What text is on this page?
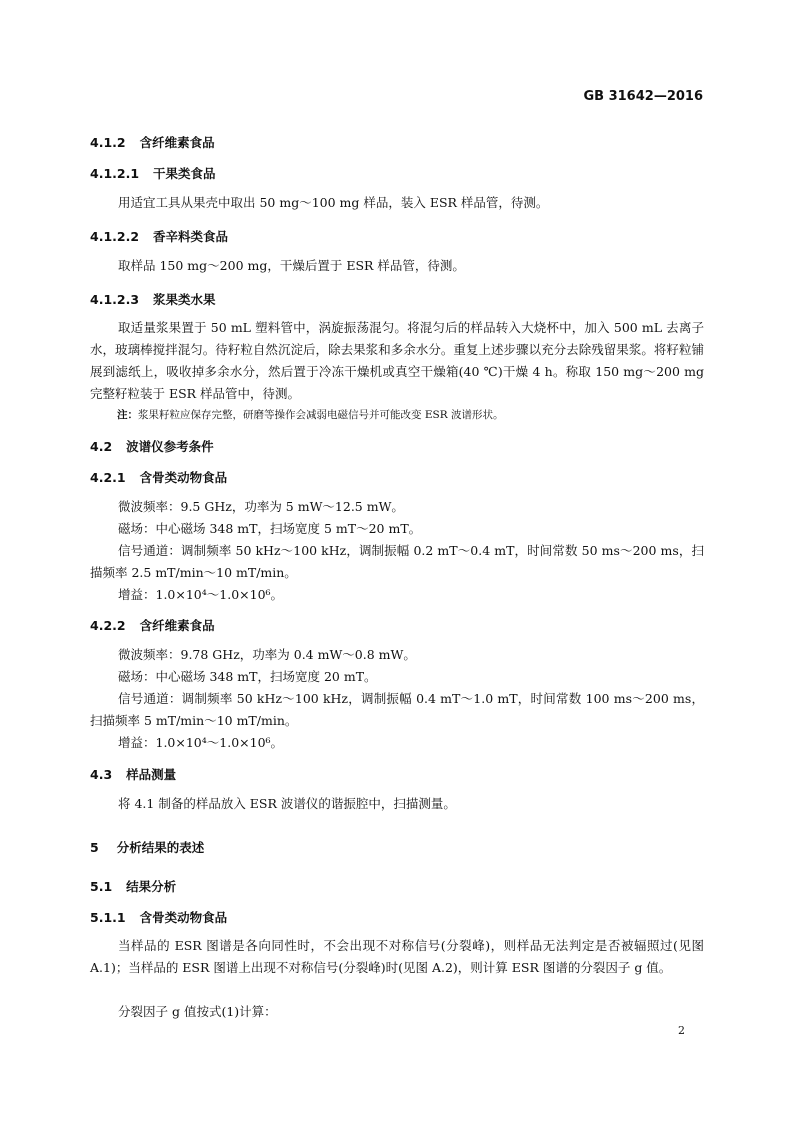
GB 31642—2016
4.1.2 含纤维素食品
4.1.2.1 干果类食品
用适宜工具从果壳中取出 50 mg～100 mg 样品，装入 ESR 样品管，待测。
4.1.2.2 香辛料类食品
取样品 150 mg～200 mg，干燥后置于 ESR 样品管，待测。
4.1.2.3 浆果类水果
取适量浆果置于 50 mL 塑料管中，涡旋振荡混匀。将混匀后的样品转入大烧杯中，加入 500 mL 去离子水，玻璃棒搅拌混匀。待籽粒自然沉淀后，除去果浆和多余水分。重复上述步骤以充分去除残留果浆。将籽粒铺展到滤纸上，吸收掉多余水分，然后置于冷冻干燥机或真空干燥箱(40 ℃)干燥 4 h。称取 150 mg～200 mg 完整籽粒装于 ESR 样品管中，待测。
注：浆果籽粒应保存完整，研磨等操作会减弱电磁信号并可能改变 ESR 波谱形状。
4.2 波谱仪参考条件
4.2.1 含骨类动物食品
微波频率：9.5 GHz，功率为 5 mW～12.5 mW。
磁场：中心磁场 348 mT，扫场宽度 5 mT～20 mT。
信号通道：调制频率 50 kHz～100 kHz，调制振幅 0.2 mT～0.4 mT，时间常数 50 ms～200 ms，扫描频率 2.5 mT/min～10 mT/min。
增益：1.0×10⁴～1.0×10⁶。
4.2.2 含纤维素食品
微波频率：9.78 GHz，功率为 0.4 mW～0.8 mW。
磁场：中心磁场 348 mT，扫场宽度 20 mT。
信号通道：调制频率 50 kHz～100 kHz，调制振幅 0.4 mT～1.0 mT，时间常数 100 ms～200 ms，扫描频率 5 mT/min～10 mT/min。
增益：1.0×10⁴～1.0×10⁶。
4.3 样品测量
将 4.1 制备的样品放入 ESR 波谱仪的谐振腔中，扫描测量。
5 分析结果的表述
5.1 结果分析
5.1.1 含骨类动物食品
当样品的 ESR 图谱是各向同性时，不会出现不对称信号(分裂峰)，则样品无法判定是否被辐照过(见图 A.1)；当样品的 ESR 图谱上出现不对称信号(分裂峰)时(见图 A.2)，则计算 ESR 图谱的分裂因子 g 值。
分裂因子 g 值按式(1)计算：
2
